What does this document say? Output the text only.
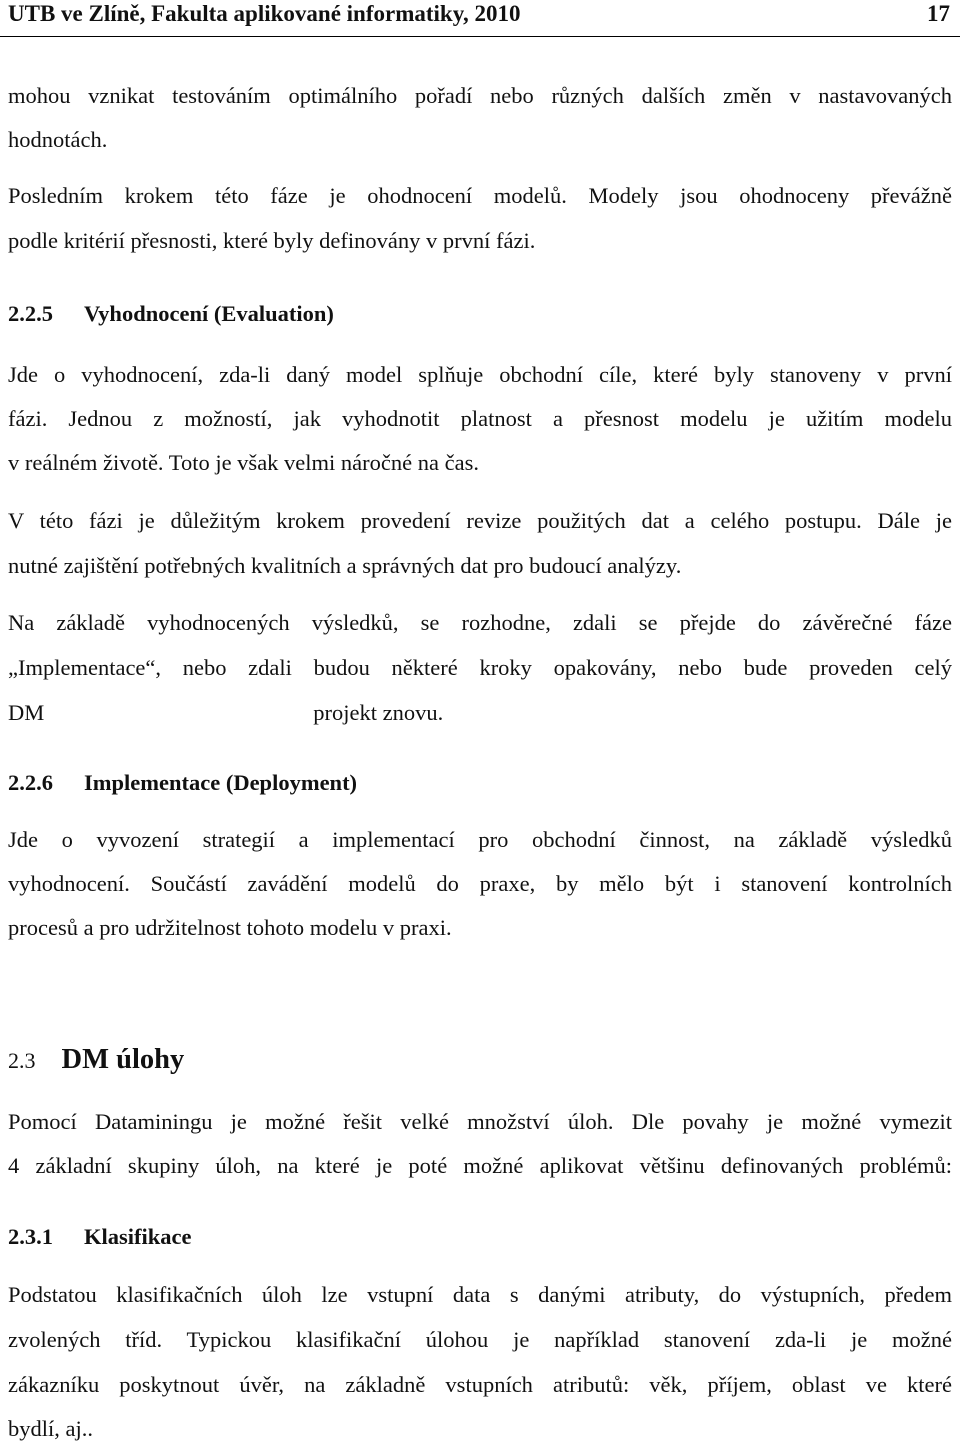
UTB ve Zlíně, Fakulta aplikované informatiky, 2010	17
mohou vznikat testováním optimálního pořadí nebo různých dalších změn v nastavovaných
hodnotách.
Posledním krokem této fáze je ohodnocení modelů. Modely jsou ohodnoceny převážně
podle kritérií přesnosti, které byly definovány v první fázi.
2.2.5 Vyhodnocení (Evaluation)
Jde o vyhodnocení, zda-li daný model splňuje obchodní cíle, které byly stanoveny v první
fázi. Jednou z možností, jak vyhodnotit platnost a přesnost modelu je užitím modelu
v reálném životě. Toto je však velmi náročné na čas.
V této fázi je důležitým krokem provedení revize použitých dat a celého postupu. Dále je
nutné zajištění potřebných kvalitních a správných dat pro budoucí analýzy.
Na základě vyhodnocených výsledků, se rozhodne, zdali se přejde do závěrečné fáze
„Implementace“, nebo zdali budou některé kroky opakovány, nebo bude proveden celý
DM	projekt znovu.
2.2.6 Implementace (Deployment)
Jde o vyvození strategií a implementací pro obchodní činnost, na základě výsledků
vyhodnocení. Součástí zavádění modelů do praxe, by mělo být i stanovení kontrolních
procesů a pro udržitelnost tohoto modelu v praxi.
2.3 DM úlohy
Pomocí Dataminingu je možné řešit velké množství úloh. Dle povahy je možné vymezit
4 základní skupiny úloh, na které je poté možné aplikovat většinu definovaných problémů:
2.3.1 Klasifikace
Podstatou klasifikačních úloh lze vstupní data s danými atributy, do výstupních, předem
zvolených tříd. Typickou klasifikační úlohou je například stanovení zda-li je možné
zákazníku poskytnout úvěr, na základně vstupních atributů: věk, příjem, oblast ve které
bydlí, aj..
